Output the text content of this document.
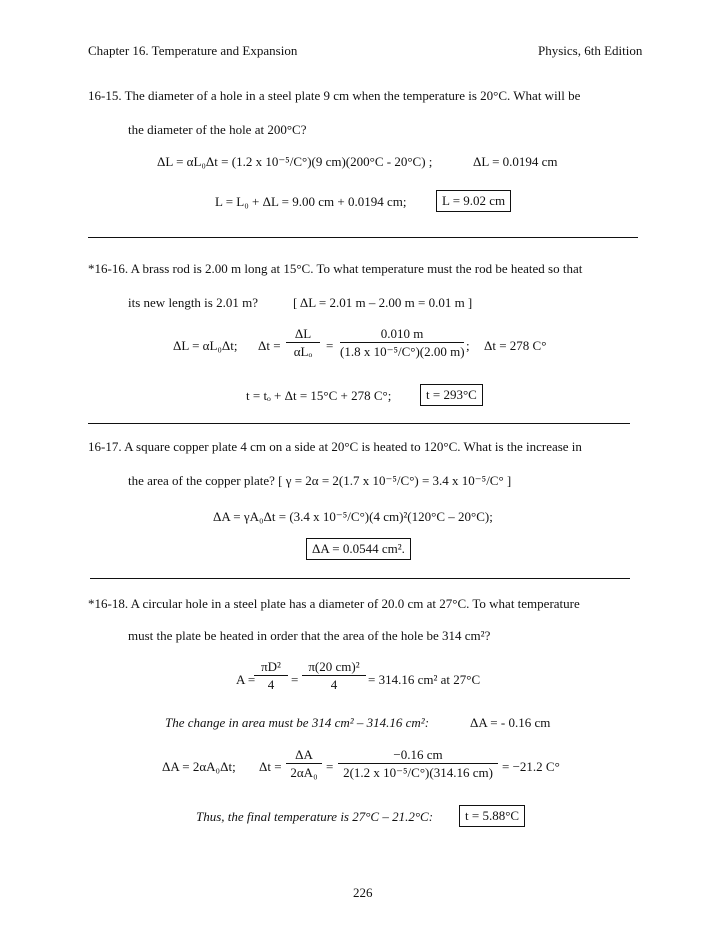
Chapter 16. Temperature and Expansion	Physics, 6th Edition
16-15. The diameter of a hole in a steel plate 9 cm when the temperature is 20°C. What will be
the diameter of the hole at 200°C?
ΔL = αL₀Δt = (1.2 x 10⁻⁵/C°)(9 cm)(200°C - 20°C) ;	ΔL = 0.0194 cm
L = L₀ + ΔL = 9.00 cm + 0.0194 cm;	L = 9.02 cm
*16-16. A brass rod is 2.00 m long at 15°C. To what temperature must the rod be heated so that
its new length is 2.01 m?	[ ΔL = 2.01 m – 2.00 m = 0.01 m ]
ΔL = αL₀Δt; Δt =
ΔL
αLₒ	= $\frac{0.010 m}{\text{(1.8 x 10⁻⁵/C°)(2.00 m)}}$ ; Δt = 278 C°
t = tₒ + Δt = 15°C + 278 C°;	t = 293°C
16-17. A square copper plate 4 cm on a side at 20°C is heated to 120°C. What is the increase in
the area of the copper plate? [ γ = 2α = 2(1.7 x 10⁻⁵/C°) = 3.4 x 10⁻⁵/C° ]
ΔA = γA₀Δt = (3.4 x 10⁻⁵/C°)(4 cm)²(120°C – 20°C);
ΔA = 0.0544 cm².
*16-18. A circular hole in a steel plate has a diameter of 20.0 cm at 27°C. To what temperature
must the plate be heated in order that the area of the hole be 314 cm²?
A =
$\frac{\text{πD²}}{4} = \frac{\text{π(20 cm)²}}{4} = 314.16$ cm² at 27°C
The change in area must be 314 cm² – 314.16 cm²:	ΔA = - 0.16 cm
ΔA = 2αA₀Δt; $\Delta t = \frac{\Delta A}{\text{2αA₀}} = \frac{-0.16 cm}{\text{2(1.2 x 10⁻⁵/C°)(314.16 cm)}} = -21.2$ C°
Thus, the final temperature is 27°C – 21.2°C:	t = 5.88°C
226
